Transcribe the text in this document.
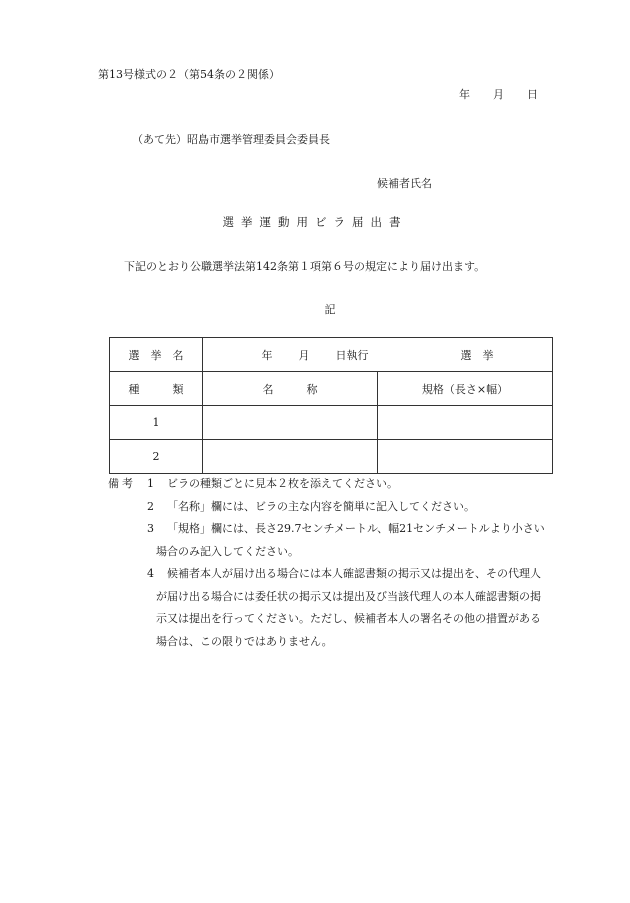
第13号様式の２（第54条の２関係）
年 月 日
（あて先）昭島市選挙管理委員会委員長
候補者氏名
選挙運動用ビラ届出書
下記のとおり公職選挙法第142条第１項第６号の規定により届け出ます。
記
選　挙　名	年 月 日執行 選　挙	
種　　　類	名　　　称	規格（長さ×幅）
1		
2		
備考 1 ビラの種類ごとに見本２枚を添えてください。
2 「名称」欄には、ビラの主な内容を簡単に記入してください。
3 「規格」欄には、長さ29.7センチメートル、幅21センチメートルより小さい
場合のみ記入してください。
4 候補者本人が届け出る場合には本人確認書類の掲示又は提出を、その代理人
が届け出る場合には委任状の掲示又は提出及び当該代理人の本人確認書類の掲
示又は提出を行ってください。ただし、候補者本人の署名その他の措置がある
場合は、この限りではありません。
